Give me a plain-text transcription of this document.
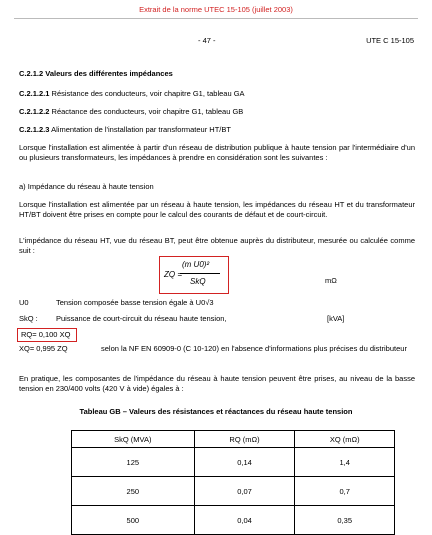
Extrait de la norme UTEC 15-105 (juillet 2003)
- 47 -	UTE C 15-105
C.2.1.2 Valeurs des différentes impédances
C.2.1.2.1 Résistance des conducteurs, voir chapitre G1, tableau GA
C.2.1.2.2 Réactance des conducteurs, voir chapitre G1, tableau GB
C.2.1.2.3 Alimentation de l'installation par transformateur HT/BT
Lorsque l'installation est alimentée à partir d'un réseau de distribution publique à haute tension par l'intermédiaire d'un ou plusieurs transformateurs, les impédances à prendre en considération sont les suivantes :
a) Impédance du réseau à haute tension
Lorsque l'installation est alimentée par un réseau à haute tension, les impédances du réseau HT et du transformateur HT/BT doivent être prises en compte pour le calcul des courants de défaut et de court-circuit.
L'impédance du réseau HT, vue du réseau BT, peut être obtenue auprès du distributeur, mesurée ou calculée comme suit :
ZQ =
(m U0)²
SkQ	mΩ
U0	Tension composée basse tension égale à U0√3
SkQ : Puissance de court-circuit du réseau haute tension,	[kVA]
RQ= 0,100 XQ
XQ= 0,995 ZQ	selon la NF EN 60909-0 (C 10-120) en l'absence d'informations plus précises du distributeur
En pratique, les composantes de l'impédance du réseau à haute tension peuvent être prises, au niveau de la basse tension en 230/400 volts (420 V à vide) égales à :
Tableau GB – Valeurs des résistances et réactances du réseau haute tension
SkQ (MVA)	RQ (mΩ)	XQ (mΩ)
125	0,14	1,4
250	0,07	0,7
500	0,04	0,35
